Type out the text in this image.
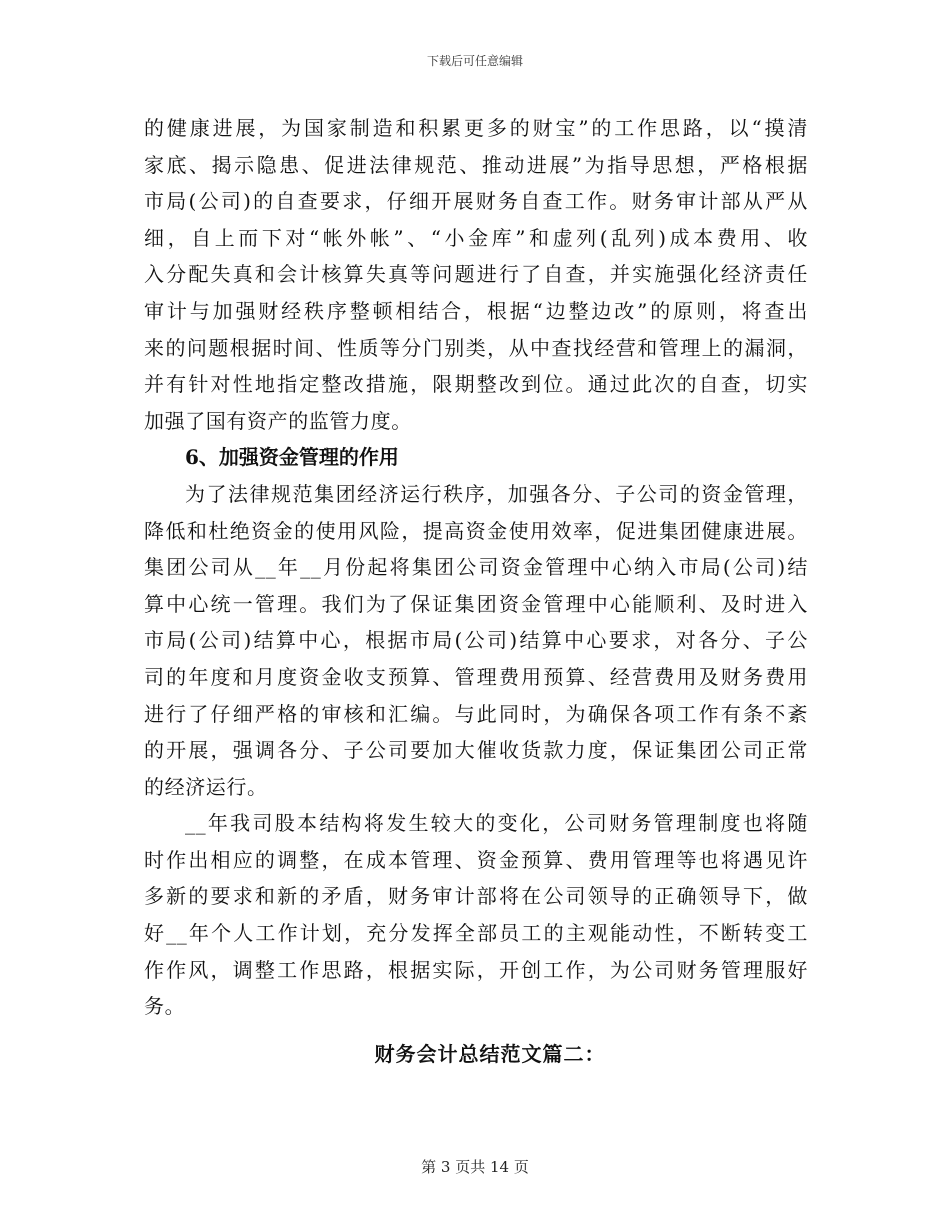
下载后可任意编辑
的健康进展，为国家制造和积累更多的财宝”的工作思路，以“摸清
家底、揭示隐患、促进法律规范、推动进展”为指导思想，严格根据
市局(公司)的自查要求，仔细开展财务自查工作。财务审计部从严从
细，自上而下对“帐外帐”、“小金库”和虚列(乱列)成本费用、收
入分配失真和会计核算失真等问题进行了自查，并实施强化经济责任
审计与加强财经秩序整顿相结合，根据“边整边改”的原则，将查出
来的问题根据时间、性质等分门别类，从中查找经营和管理上的漏洞，
并有针对性地指定整改措施，限期整改到位。通过此次的自查，切实
加强了国有资产的监管力度。
6、加强资金管理的作用
为了法律规范集团经济运行秩序，加强各分、子公司的资金管理，
降低和杜绝资金的使用风险，提高资金使用效率，促进集团健康进展。
集团公司从__年__月份起将集团公司资金管理中心纳入市局(公司)结
算中心统一管理。我们为了保证集团资金管理中心能顺利、及时进入
市局(公司)结算中心，根据市局(公司)结算中心要求，对各分、子公
司的年度和月度资金收支预算、管理费用预算、经营费用及财务费用
进行了仔细严格的审核和汇编。与此同时，为确保各项工作有条不紊
的开展，强调各分、子公司要加大催收货款力度，保证集团公司正常
的经济运行。
__年我司股本结构将发生较大的变化，公司财务管理制度也将随
时作出相应的调整，在成本管理、资金预算、费用管理等也将遇见许
多新的要求和新的矛盾，财务审计部将在公司领导的正确领导下，做
好__年个人工作计划，充分发挥全部员工的主观能动性，不断转变工
作作风，调整工作思路，根据实际，开创工作，为公司财务管理服好
务。
财务会计总结范文篇二：
第 3 页共 14 页
